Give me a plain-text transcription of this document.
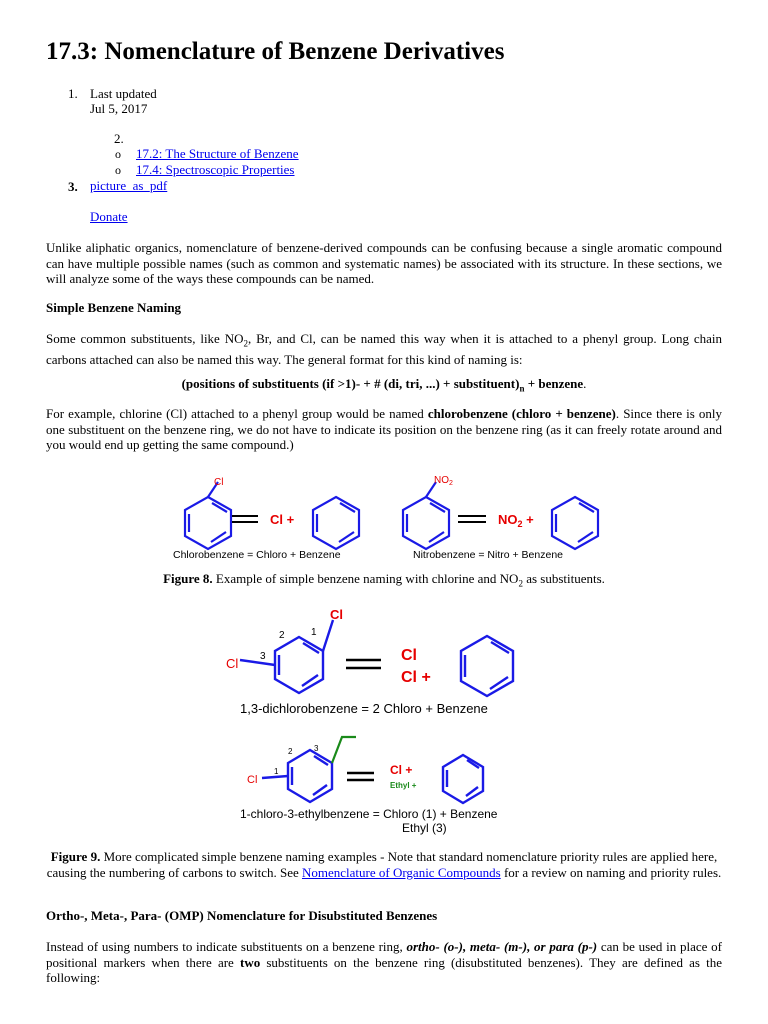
17.3: Nomenclature of Benzene Derivatives
1. Last updated
Jul 5, 2017
2.
o 17.2: The Structure of Benzene
o 17.4: Spectroscopic Properties
3. picture_as_pdf
Donate
Unlike aliphatic organics, nomenclature of benzene-derived compounds can be confusing because a single aromatic compound can have multiple possible names (such as common and systematic names) be associated with its structure. In these sections, we will analyze some of the ways these compounds can be named.
Simple Benzene Naming
Some common substituents, like $NO_2$, Br, and Cl, can be named this way when it is attached to a phenyl group. Long chain carbons attached can also be named this way. The general format for this kind of naming is:
(positions of substituents (if >1)- + # (di, tri, ...) + $substituent)_n$ + benzene.
For example, chlorine (Cl) attached to a phenyl group would be named chlorobenzene (chloro + benzene). Since there is only one substituent on the benzene ring, we do not have to indicate its position on the benzene ring (as it can freely rotate around and you would end up getting the same compound.)
Cl
Cl +
Chlorobenzene = Chloro + Benzene
$NO_2$
$NO_2$ +
Nitrobenzene = Nitro + Benzene
Figure 8. Example of simple benzene naming with chlorine and $NO_2$ as substituents.
Cl
Cl
1
2
3	Cl
Cl +
1,3-dichlorobenzene = 2 Chloro + Benzene
Cl
1
2	3
Cl +
Ethyl +
1-chloro-3-ethylbenzene = Chloro (1) + Benzene
Ethyl (3)
Figure 9. More complicated simple benzene naming examples - Note that standard nomenclature priority rules are applied here, causing the numbering of carbons to switch. See Nomenclature of Organic Compounds for a review on naming and priority rules.
Ortho-, Meta-, Para- (OMP) Nomenclature for Disubstituted Benzenes
Instead of using numbers to indicate substituents on a benzene ring, ortho- (o-), meta- (m-), or para (p-) can be used in place of positional markers when there are two substituents on the benzene ring (disubstituted benzenes). They are defined as the following:
